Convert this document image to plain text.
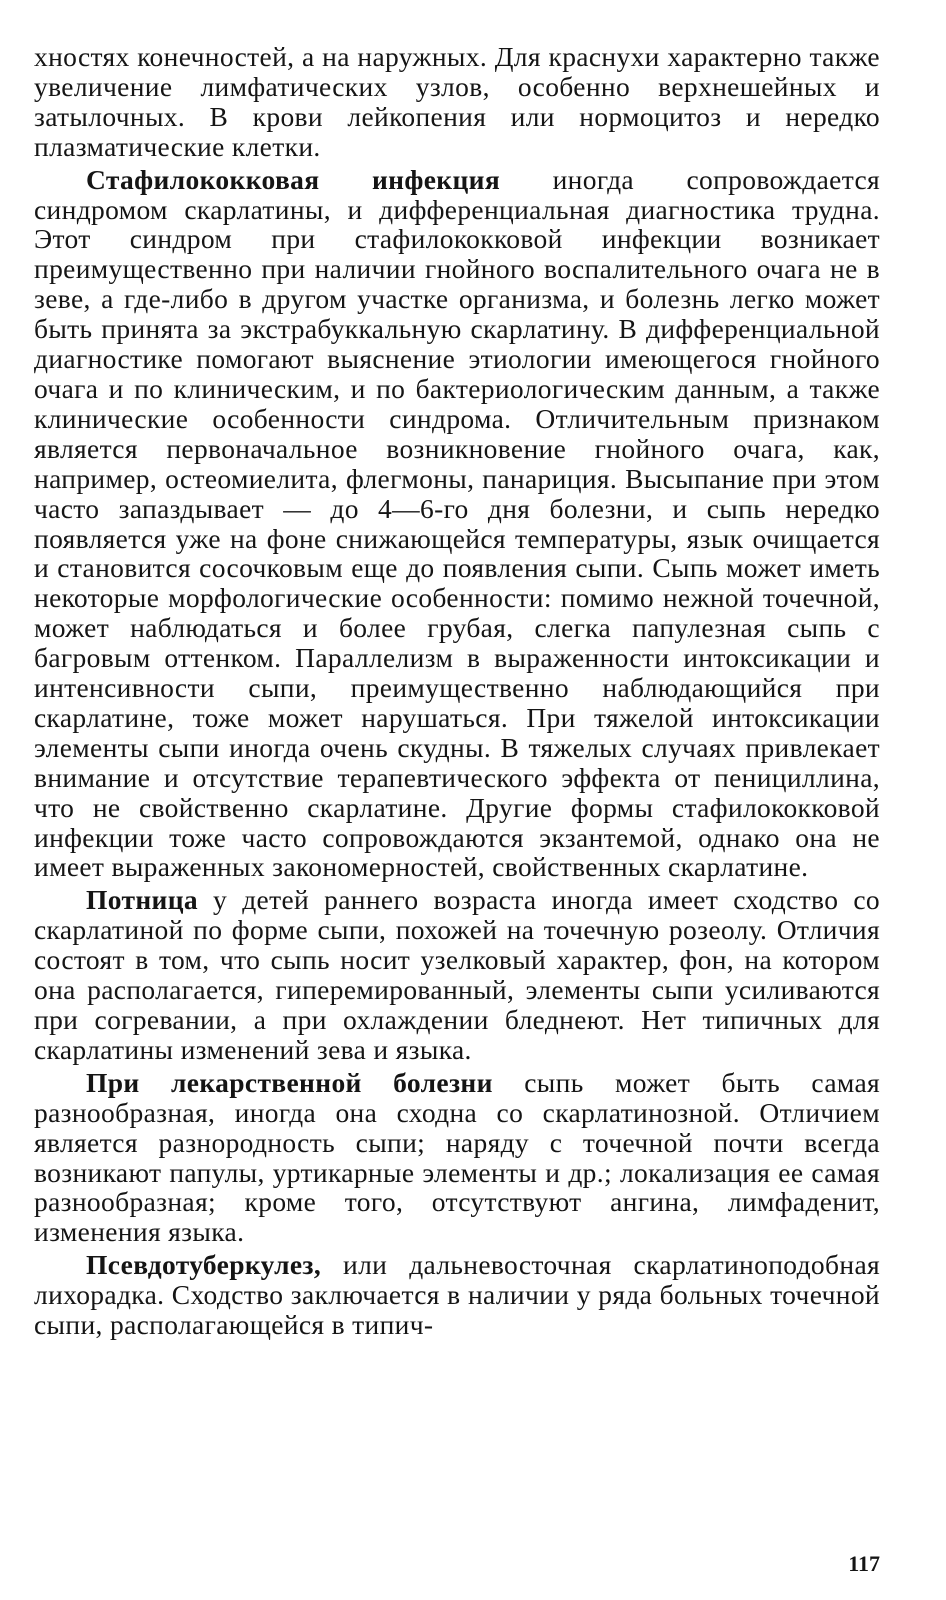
хностях конечностей, а на наружных. Для краснухи характерно также увеличение лимфатических узлов, особенно верхнешейных и затылочных. В крови лейкопения или нормоцитоз и нередко плазматические клетки.

Стафилококковая инфекция иногда сопровождается синдромом скарлатины, и дифференциальная диагностика трудна. Этот синдром при стафилококковой инфекции возникает преимущественно при наличии гнойного воспалительного очага не в зеве, а где-либо в другом участке организма, и болезнь легко может быть принята за экстрабуккальную скарлатину. В дифференциальной диагностике помогают выяснение этиологии имеющегося гнойного очага и по клиническим, и по бактериологическим данным, а также клинические особенности синдрома. Отличительным признаком является первоначальное возникновение гнойного очага, как, например, остеомиелита, флегмоны, панариция. Высыпание при этом часто запаздывает — до 4—6-го дня болезни, и сыпь нередко появляется уже на фоне снижающейся температуры, язык очищается и становится сосочковым еще до появления сыпи. Сыпь может иметь некоторые морфологические особенности: помимо нежной точечной, может наблюдаться и более грубая, слегка папулезная сыпь с багровым оттенком. Параллелизм в выраженности интоксикации и интенсивности сыпи, преимущественно наблюдающийся при скарлатине, тоже может нарушаться. При тяжелой интоксикации элементы сыпи иногда очень скудны. В тяжелых случаях привлекает внимание и отсутствие терапевтического эффекта от пенициллина, что не свойственно скарлатине. Другие формы стафилококковой инфекции тоже часто сопровождаются экзантемой, однако она не имеет выраженных закономерностей, свойственных скарлатине.

Потница у детей раннего возраста иногда имеет сходство со скарлатиной по форме сыпи, похожей на точечную розеолу. Отличия состоят в том, что сыпь носит узелковый характер, фон, на котором она располагается, гиперемированный, элементы сыпи усиливаются при согревании, а при охлаждении бледнеют. Нет типичных для скарлатины изменений зева и языка.

При лекарственной болезни сыпь может быть самая разнообразная, иногда она сходна со скарлатинозной. Отличием является разнородность сыпи; наряду с точечной почти всегда возникают папулы, уртикарные элементы и др.; локализация ее самая разнообразная; кроме того, отсутствуют ангина, лимфаденит, изменения языка.

Псевдотуберкулез, или дальневосточная скарлатиноподобная лихорадка. Сходство заключается в наличии у ряда больных точечной сыпи, располагающейся в типич-

117
